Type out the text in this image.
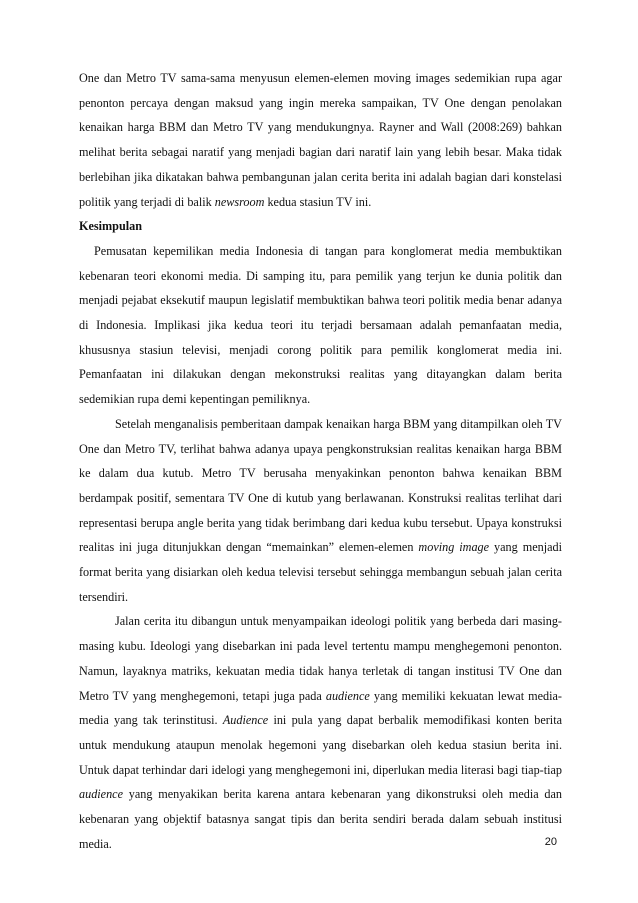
One dan Metro TV sama-sama menyusun elemen-elemen moving images sedemikian rupa agar penonton percaya dengan maksud yang ingin mereka sampaikan, TV One dengan penolakan kenaikan harga BBM dan Metro TV yang mendukungnya. Rayner and Wall (2008:269) bahkan melihat berita sebagai naratif yang menjadi bagian dari naratif lain yang lebih besar. Maka tidak berlebihan jika dikatakan bahwa pembangunan jalan cerita berita ini adalah bagian dari konstelasi politik yang terjadi di balik newsroom kedua stasiun TV ini.

Kesimpulan

Pemusatan kepemilikan media Indonesia di tangan para konglomerat media membuktikan kebenaran teori ekonomi media. Di samping itu, para pemilik yang terjun ke dunia politik dan menjadi pejabat eksekutif maupun legislatif membuktikan bahwa teori politik media benar adanya di Indonesia. Implikasi jika kedua teori itu terjadi bersamaan adalah pemanfaatan media, khususnya stasiun televisi, menjadi corong politik para pemilik konglomerat media ini. Pemanfaatan ini dilakukan dengan mekonstruksi realitas yang ditayangkan dalam berita sedemikian rupa demi kepentingan pemiliknya.

Setelah menganalisis pemberitaan dampak kenaikan harga BBM yang ditampilkan oleh TV One dan Metro TV, terlihat bahwa adanya upaya pengkonstruksian realitas kenaikan harga BBM ke dalam dua kutub. Metro TV berusaha menyakinkan penonton bahwa kenaikan BBM berdampak positif, sementara TV One di kutub yang berlawanan. Konstruksi realitas terlihat dari representasi berupa angle berita yang tidak berimbang dari kedua kubu tersebut. Upaya konstruksi realitas ini juga ditunjukkan dengan “memainkan” elemen-elemen moving image yang menjadi format berita yang disiarkan oleh kedua televisi tersebut sehingga membangun sebuah jalan cerita tersendiri.

Jalan cerita itu dibangun untuk menyampaikan ideologi politik yang berbeda dari masing-masing kubu. Ideologi yang disebarkan ini pada level tertentu mampu menghegemoni penonton. Namun, layaknya matriks, kekuatan media tidak hanya terletak di tangan institusi TV One dan Metro TV yang menghegemoni, tetapi juga pada audience yang memiliki kekuatan lewat media-media yang tak terinstitusi. Audience ini pula yang dapat berbalik memodifikasi konten berita untuk mendukung ataupun menolak hegemoni yang disebarkan oleh kedua stasiun berita ini. Untuk dapat terhindar dari idelogi yang menghegemoni ini, diperlukan media literasi bagi tiap-tiap audience yang menyakikan berita karena antara kebenaran yang dikonstruksi oleh media dan kebenaran yang objektif batasnya sangat tipis dan berita sendiri berada dalam sebuah institusi media.	20
